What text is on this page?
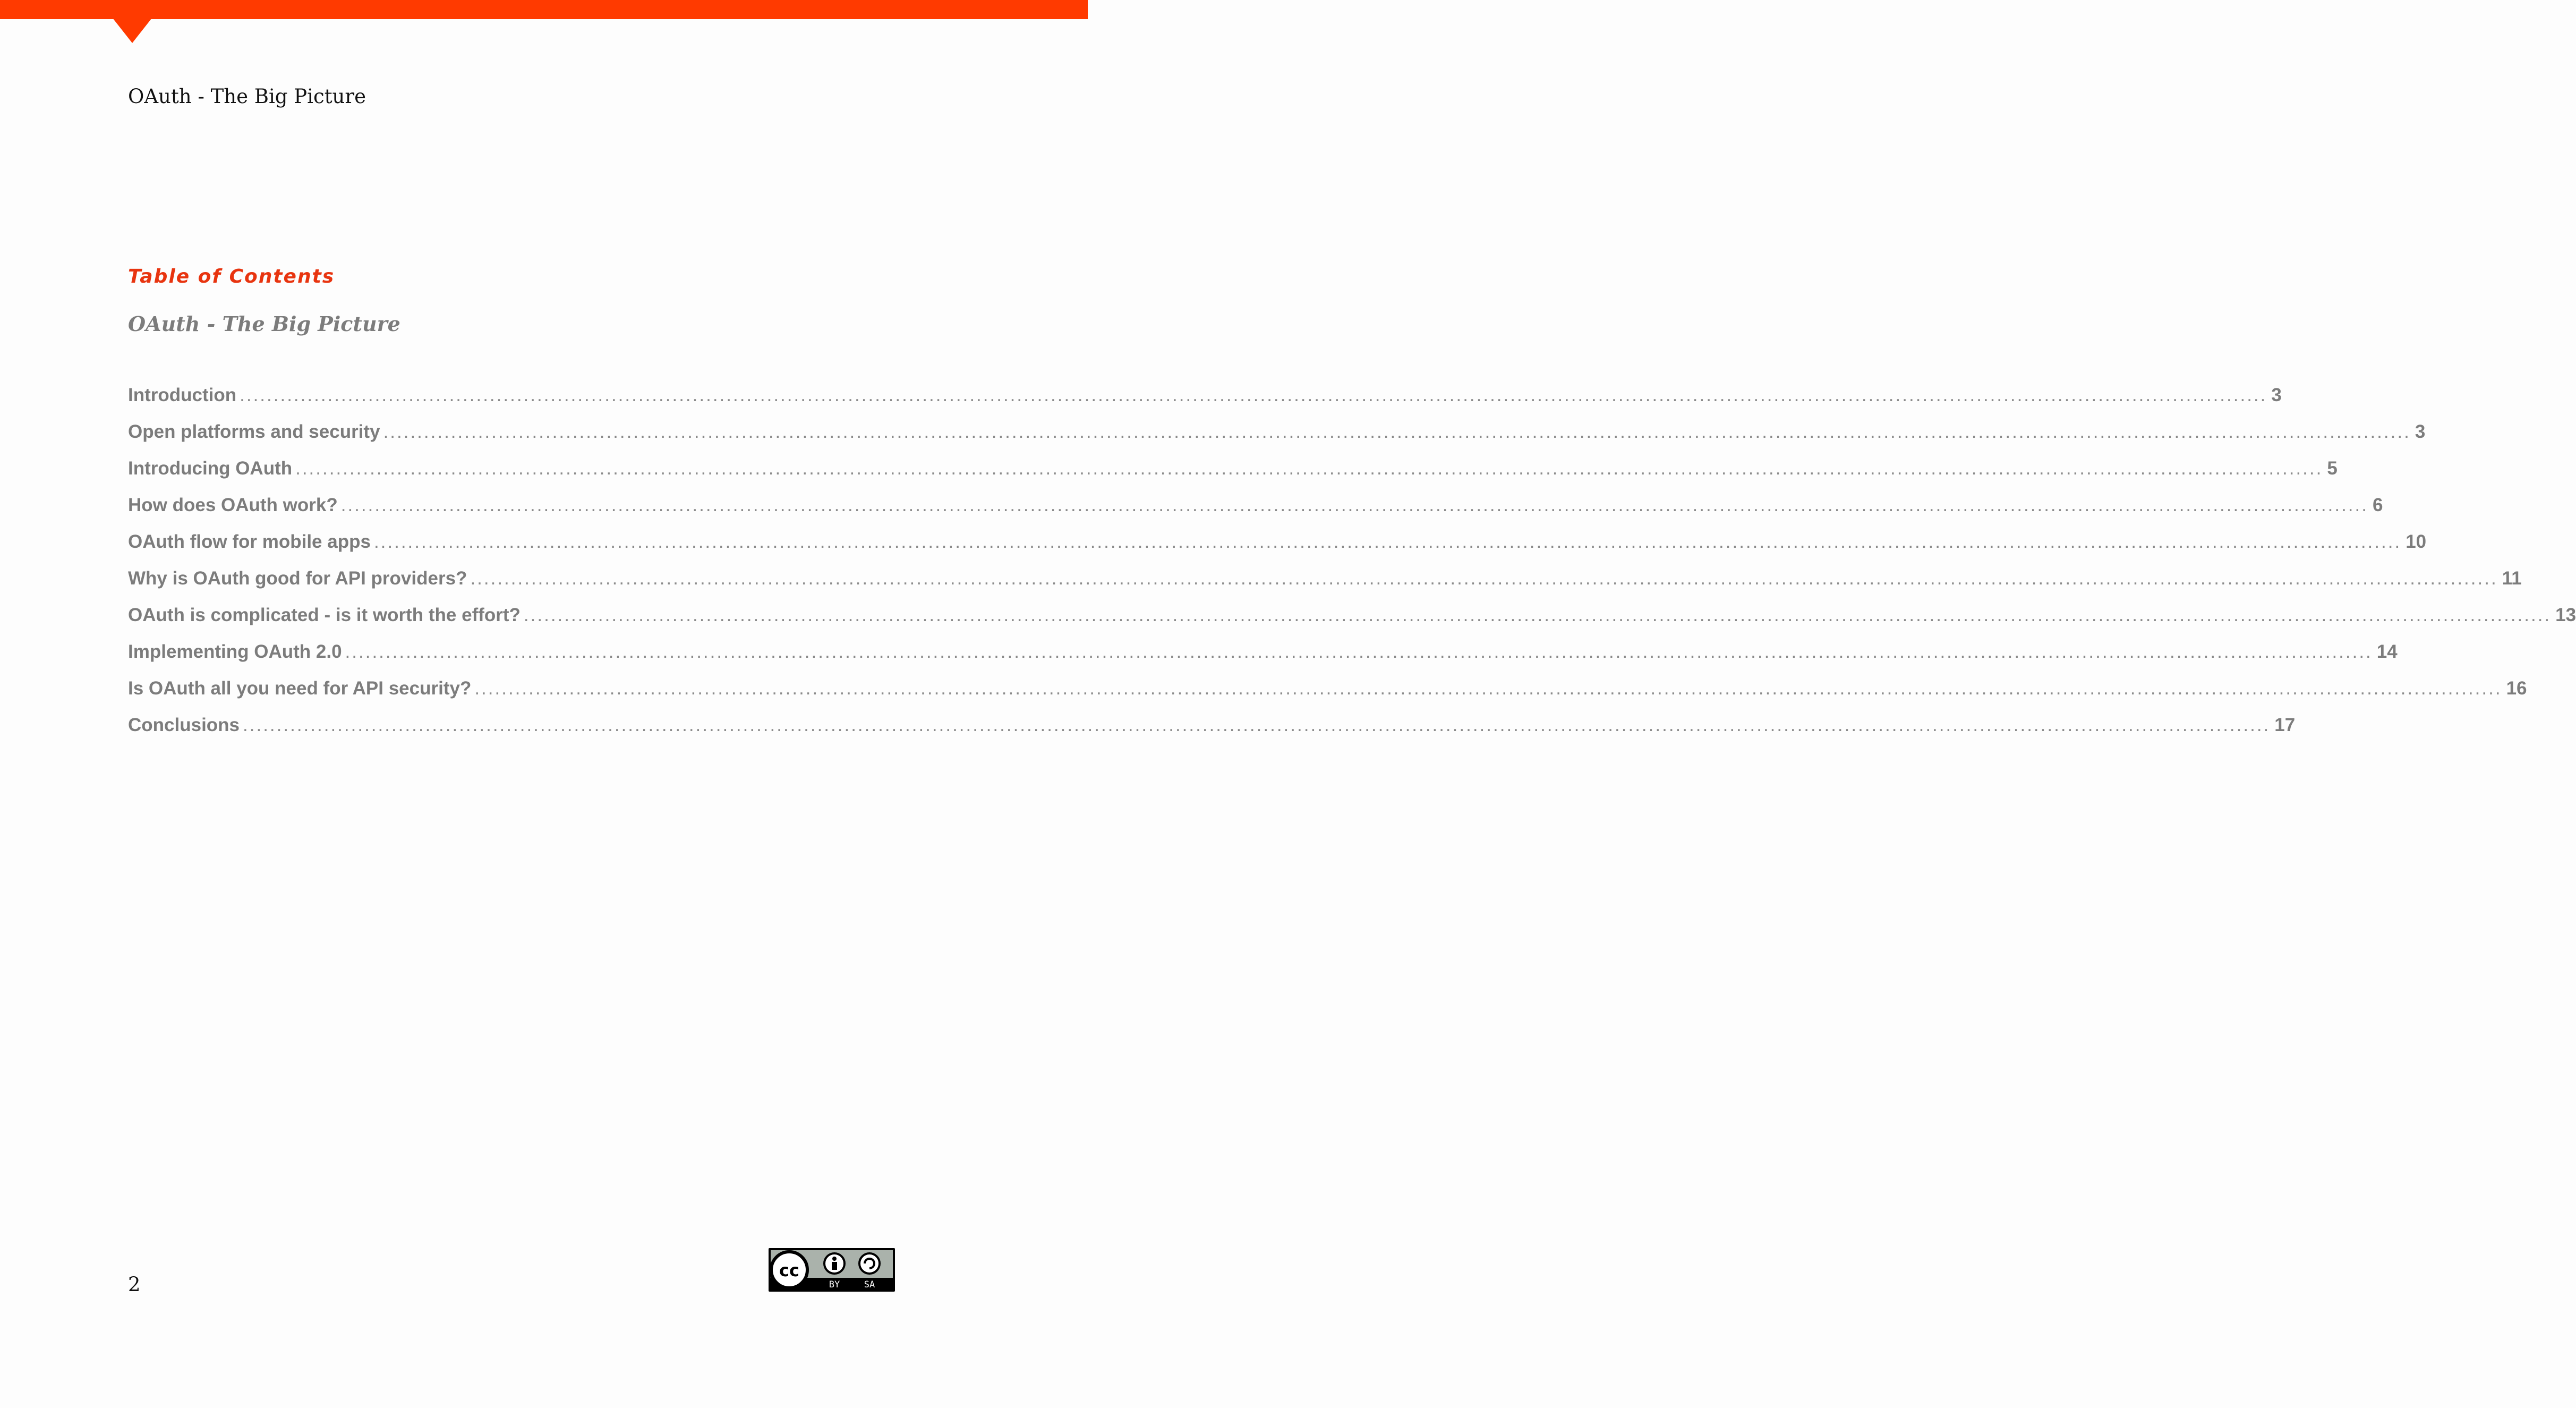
OAuth - The Big Picture
Table of Contents
OAuth - The Big Picture
Introduction ............................................................................................................................................................................................................................................................................................................ 3
Open platforms and security ............................................................................................................................................................................................................................................................................................................ 3
Introducing OAuth ............................................................................................................................................................................................................................................................................................................ 5
How does OAuth work? ............................................................................................................................................................................................................................................................................................................ 6
OAuth flow for mobile apps ............................................................................................................................................................................................................................................................................................................ 10
Why is OAuth good for API providers? ............................................................................................................................................................................................................................................................................................................ 11
OAuth is complicated - is it worth the effort? ............................................................................................................................................................................................................................................................................................................ 13
Implementing OAuth 2.0 ............................................................................................................................................................................................................................................................................................................ 14
Is OAuth all you need for API security? ............................................................................................................................................................................................................................................................................................................ 16
Conclusions ............................................................................................................................................................................................................................................................................................................ 17
2
cc
BY	SA
